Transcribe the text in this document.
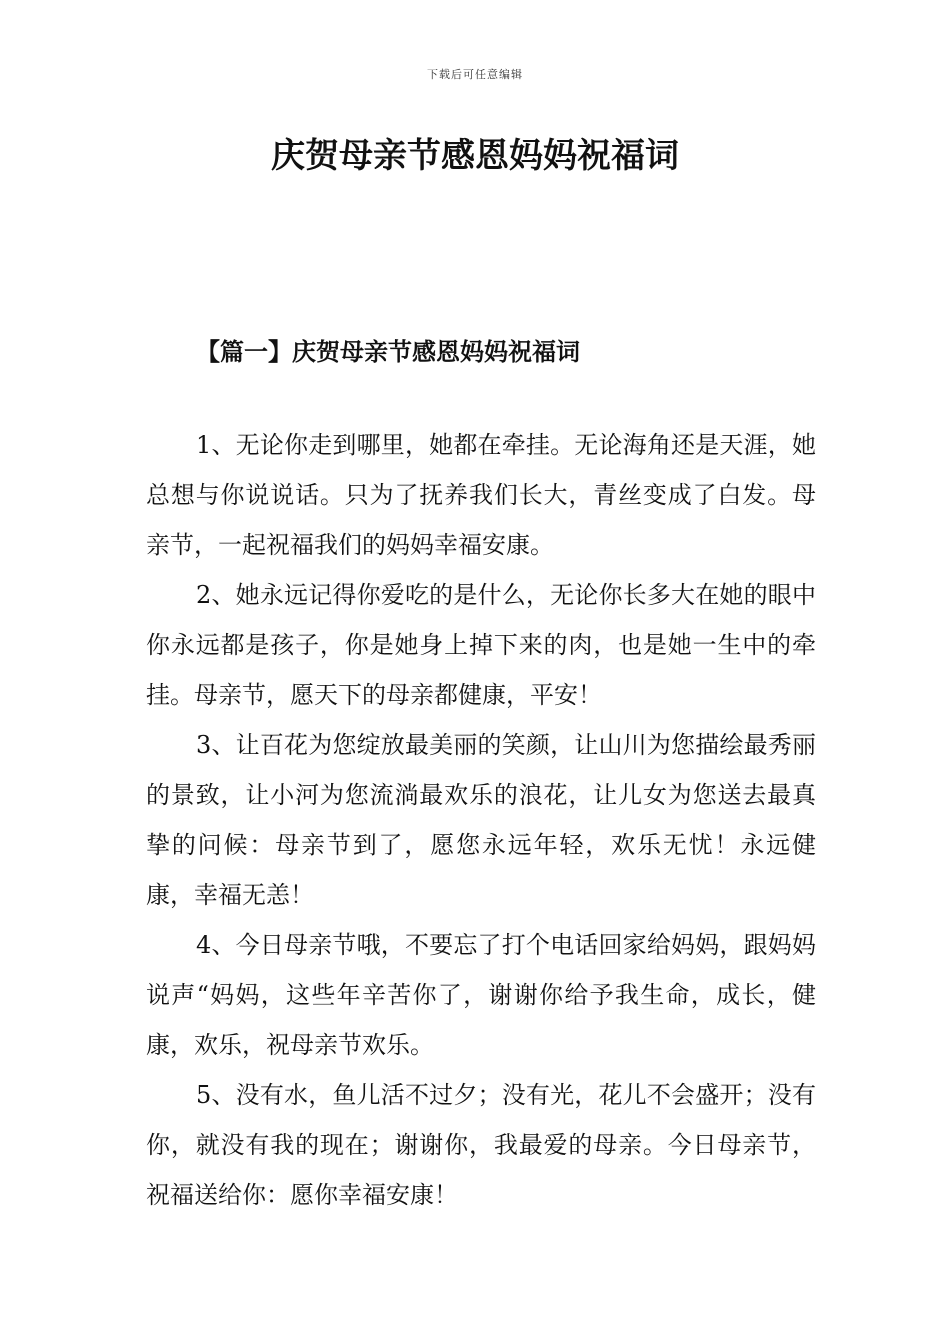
下载后可任意编辑
庆贺母亲节感恩妈妈祝福词
【篇一】庆贺母亲节感恩妈妈祝福词

1、无论你走到哪里，她都在牵挂。无论海角还是天涯，她总想与你说说话。只为了抚养我们长大，青丝变成了白发。母亲节，一起祝福我们的妈妈幸福安康。

2、她永远记得你爱吃的是什么，无论你长多大在她的眼中你永远都是孩子，你是她身上掉下来的肉，也是她一生中的牵挂。母亲节，愿天下的母亲都健康，平安！

3、让百花为您绽放最美丽的笑颜，让山川为您描绘最秀丽的景致，让小河为您流淌最欢乐的浪花，让儿女为您送去最真挚的问候：母亲节到了，愿您永远年轻，欢乐无忧！永远健康，幸福无恙！

4、今日母亲节哦，不要忘了打个电话回家给妈妈，跟妈妈说声“妈妈，这些年辛苦你了，谢谢你给予我生命，成长，健康，欢乐，祝母亲节欢乐。

5、没有水，鱼儿活不过夕；没有光，花儿不会盛开；没有你，就没有我的现在；谢谢你，我最爱的母亲。今日母亲节，祝福送给你：愿你幸福安康！
